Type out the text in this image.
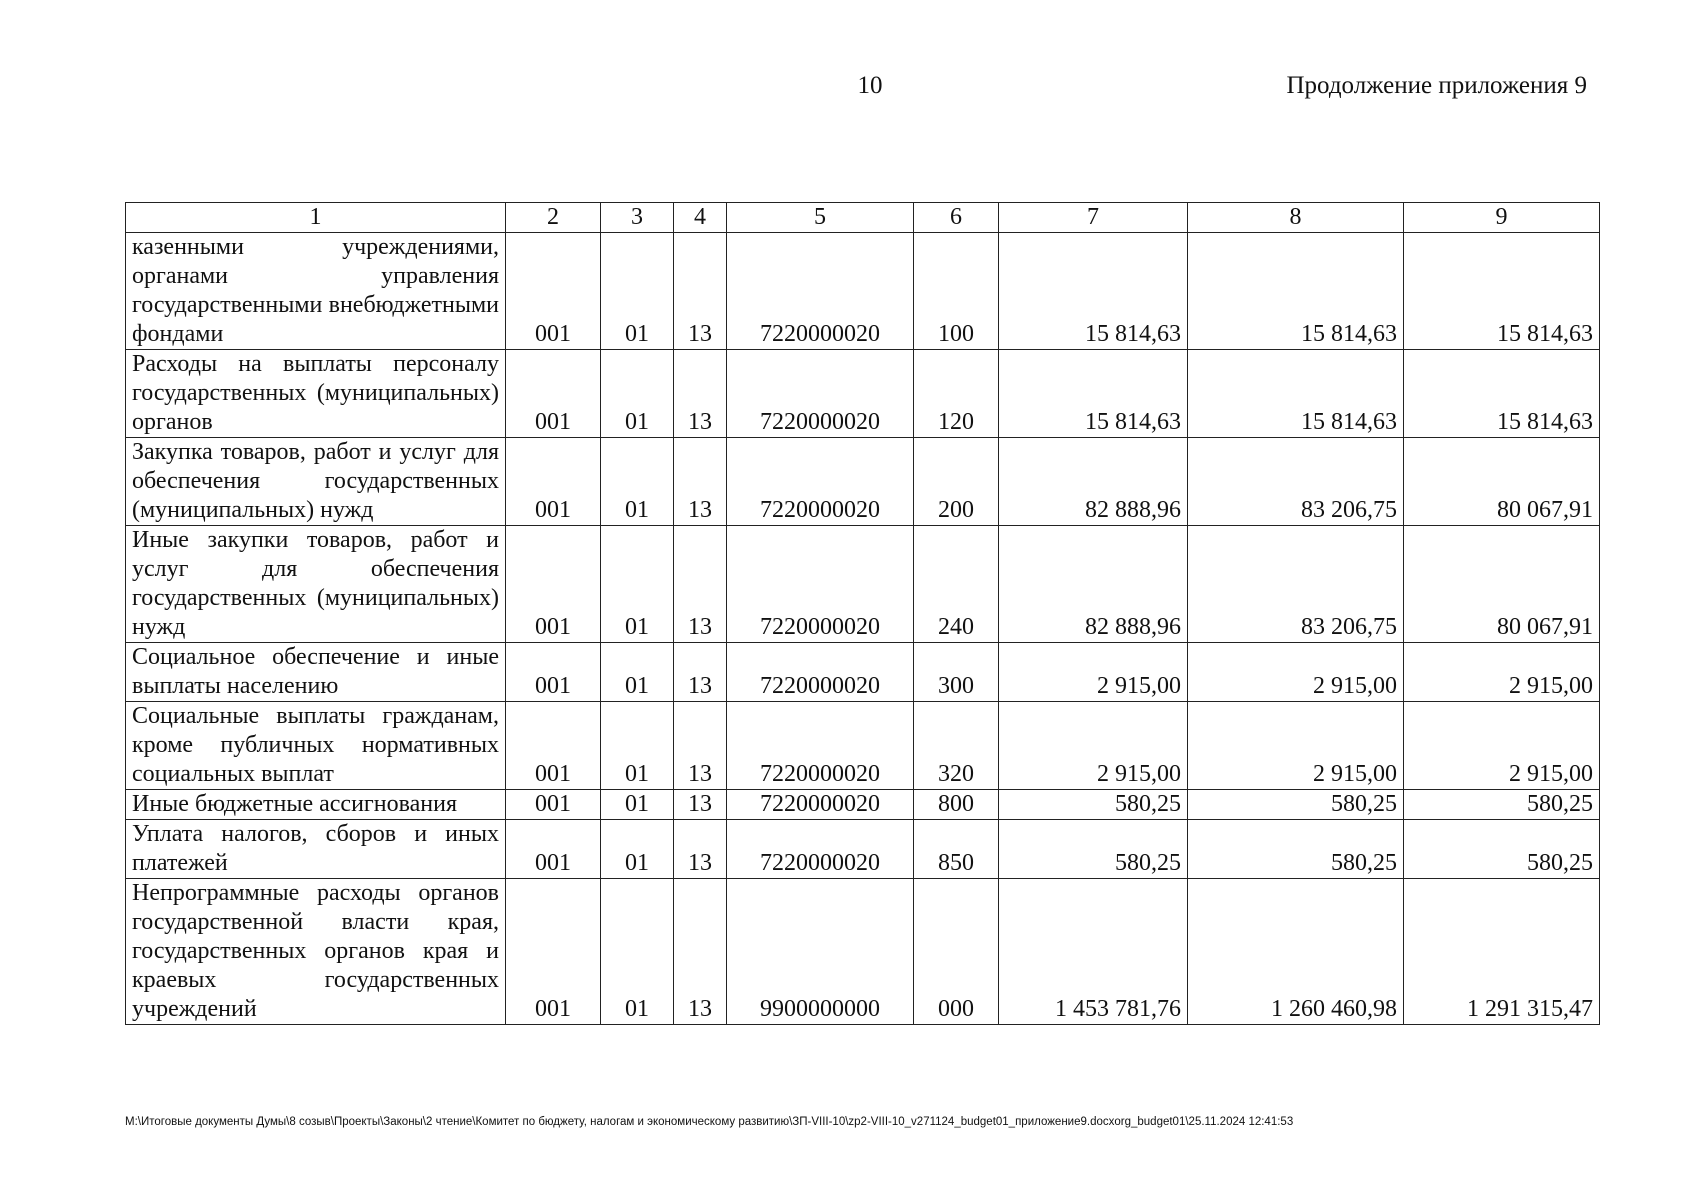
10	Продолжение приложения 9
1	2	3	4	5	6	7	8	9
казенными учреждениями, органами управления государственными внебюджетными фондами	001	01	13	7220000020	100	15 814,63	15 814,63	15 814,63
Расходы на выплаты персоналу государственных (муниципальных) органов	001	01	13	7220000020	120	15 814,63	15 814,63	15 814,63
Закупка товаров, работ и услуг для обеспечения государственных (муниципальных) нужд	001	01	13	7220000020	200	82 888,96	83 206,75	80 067,91
Иные закупки товаров, работ и услуг для обеспечения государственных (муниципальных) нужд	001	01	13	7220000020	240	82 888,96	83 206,75	80 067,91
Социальное обеспечение и иные выплаты населению	001	01	13	7220000020	300	2 915,00	2 915,00	2 915,00
Социальные выплаты гражданам, кроме публичных нормативных социальных выплат	001	01	13	7220000020	320	2 915,00	2 915,00	2 915,00
Иные бюджетные ассигнования	001	01	13	7220000020	800	580,25	580,25	580,25
Уплата налогов, сборов и иных платежей	001	01	13	7220000020	850	580,25	580,25	580,25
Непрограммные расходы органов государственной власти края, государственных органов края и краевых государственных учреждений	001	01	13	9900000000	000	1 453 781,76	1 260 460,98	1 291 315,47
M:\Итоговые документы Думы\8 созыв\Проекты\Законы\2 чтение\Комитет по бюджету, налогам и экономическому развитию\ЗП-VIII-10\zp2-VIII-10_v271124_budget01_приложение9.docxorg_budget01\25.11.2024 12:41:53
